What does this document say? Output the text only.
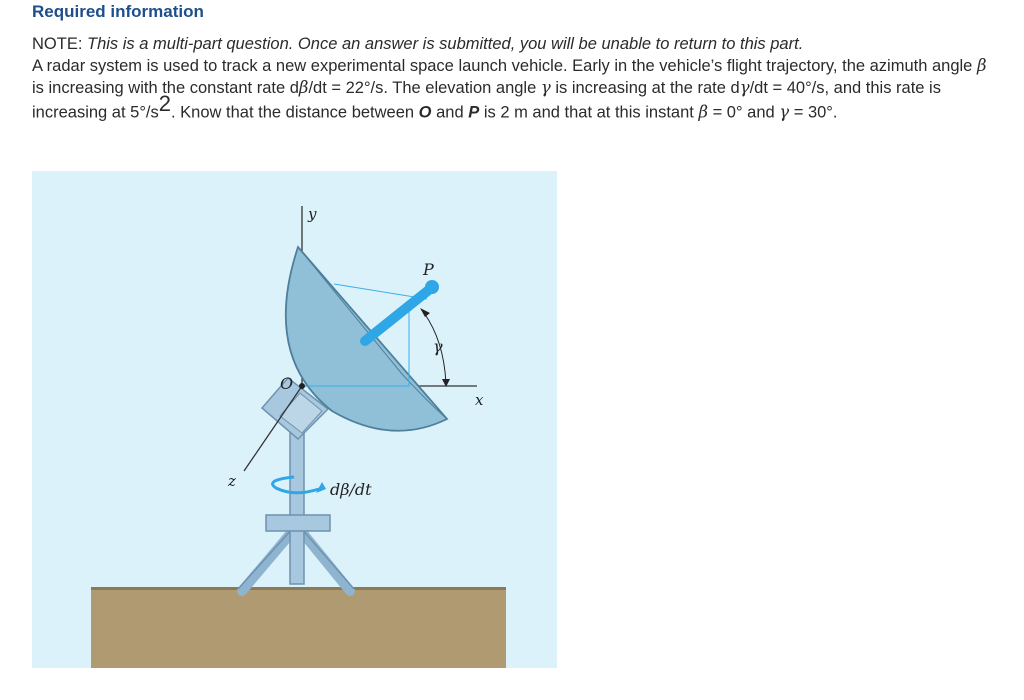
Required information

NOTE: This is a multi-part question. Once an answer is submitted, you will be unable to return to this part.

A radar system is used to track a new experimental space launch vehicle. Early in the vehicle’s flight trajectory, the azimuth angle β is increasing with the constant rate dβ/dt = 22°/s. The elevation angle γ is increasing at the rate dγ/dt = 40°/s, and this rate is increasing at $5^\circ/s^2$. Know that the distance between O and P is 2 m and that at this instant β = 0° and γ = 30°.

y
P
γ
O
x
z	dβ/dt
